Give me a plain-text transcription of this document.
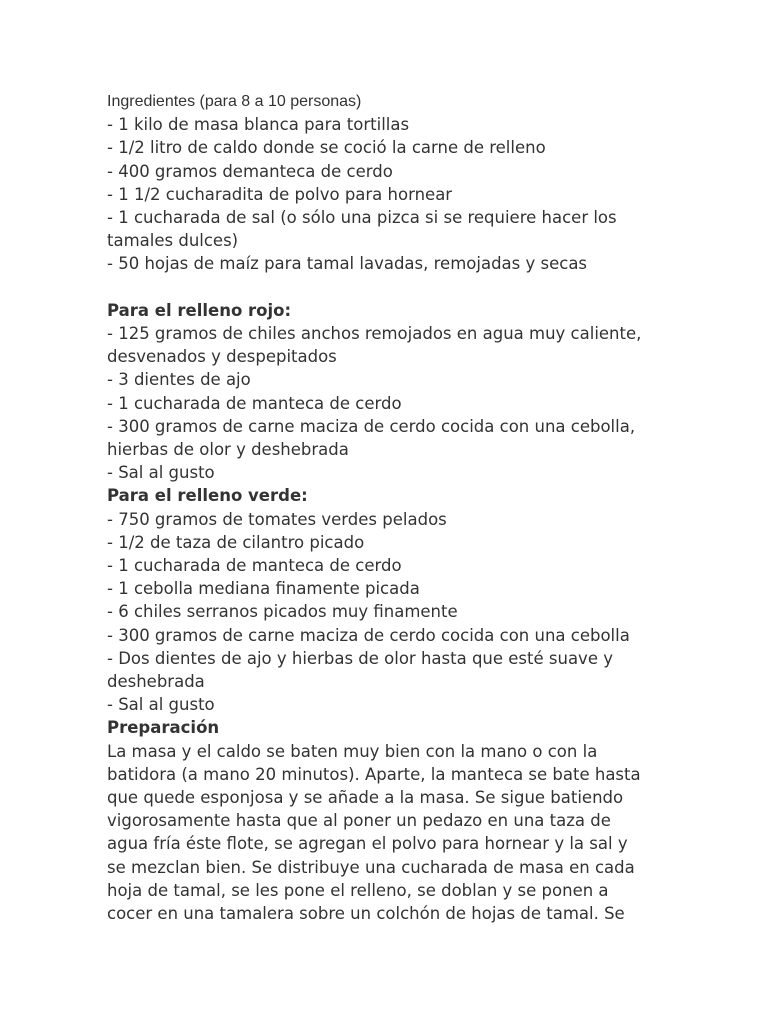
Ingredientes (para 8 a 10 personas)
- 1 kilo de masa blanca para tortillas
- 1/2 litro de caldo donde se coció la carne de relleno
- 400 gramos demanteca de cerdo
- 1 1/2 cucharadita de polvo para hornear
- 1 cucharada de sal (o sólo una pizca si se requiere hacer los
tamales dulces)
- 50 hojas de maíz para tamal lavadas, remojadas y secas
Para el relleno rojo:
- 125 gramos de chiles anchos remojados en agua muy caliente,
desvenados y despepitados
- 3 dientes de ajo
- 1 cucharada de manteca de cerdo
- 300 gramos de carne maciza de cerdo cocida con una cebolla,
hierbas de olor y deshebrada
- Sal al gusto
Para el relleno verde:
- 750 gramos de tomates verdes pelados
- 1/2 de taza de cilantro picado
- 1 cucharada de manteca de cerdo
- 1 cebolla mediana finamente picada
- 6 chiles serranos picados muy finamente
- 300 gramos de carne maciza de cerdo cocida con una cebolla
- Dos dientes de ajo y hierbas de olor hasta que esté suave y
deshebrada
- Sal al gusto
Preparación
La masa y el caldo se baten muy bien con la mano o con la
batidora (a mano 20 minutos). Aparte, la manteca se bate hasta
que quede esponjosa y se añade a la masa. Se sigue batiendo
vigorosamente hasta que al poner un pedazo en una taza de
agua fría éste flote, se agregan el polvo para hornear y la sal y
se mezclan bien. Se distribuye una cucharada de masa en cada
hoja de tamal, se les pone el relleno, se doblan y se ponen a
cocer en una tamalera sobre un colchón de hojas de tamal. Se
